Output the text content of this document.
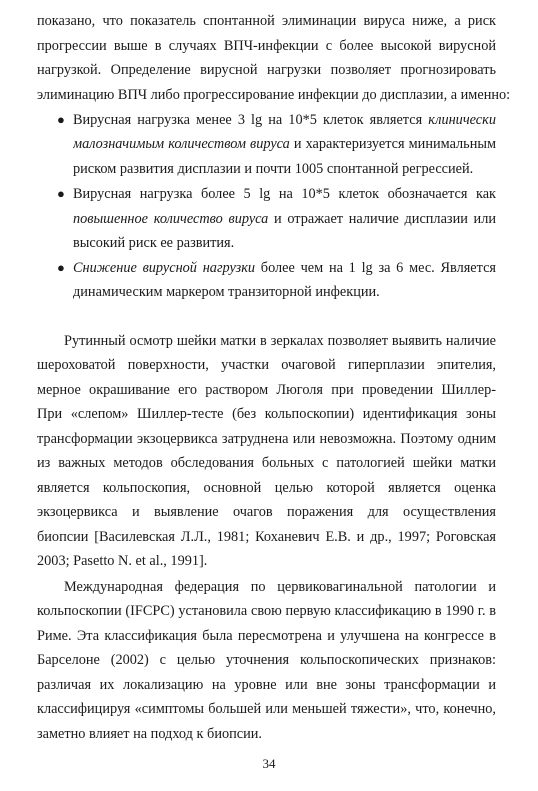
показано, что показатель спонтанной элиминации вируса ниже, а риск
прогрессии выше в случаях ВПЧ-инфекции с более высокой вирусной
нагрузкой. Определение вирусной нагрузки позволяет прогнозировать
элиминацию ВПЧ либо прогрессирование инфекции до дисплазии, а именно:
● Вирусная нагрузка менее 3 lg на 10*5 клеток является клинически
малозначимым количеством вируса и характеризуется минимальным
риском развития дисплазии и почти 1005 спонтанной регрессией.
● Вирусная нагрузка более 5 lg на 10*5 клеток обозначается как
повышенное количество вируса и отражает наличие дисплазии или
высокий риск ее развития.
● Снижение вирусной нагрузки более чем на 1 lg за 6 мес. Является
динамическим маркером транзиторной инфекции.
Рутинный осмотр шейки матки в зеркалах позволяет выявить наличие
шероховатой поверхности, участки очаговой гиперплазии эпителия,
мерное окрашивание его раствором Люголя при проведении Шиллер-
При «слепом» Шиллер-тесте (без кольпоскопии) идентификация зоны
трансформации экзоцервикса затруднена или невозможна. Поэтому одним
из важных методов обследования больных с патологией шейки матки
является кольпоскопия, основной целью которой является оценка
экзоцервикса и выявление очагов поражения для осуществления
биопсии [Василевская Л.Л., 1981; Коханевич Е.В. и др., 1997; Роговская
2003; Pasetto N. et al., 1991].
Международная федерация по цервиковагинальной патологии и
кольпоскопии (IFCPC) установила свою первую классификацию в 1990 г. в
Риме. Эта классификация была пересмотрена и улучшена на конгрессе в
Барселоне (2002) с целью уточнения кольпоскопических признаков:
различая их локализацию на уровне или вне зоны трансформации и
классифицируя «симптомы большей или меньшей тяжести», что, конечно,
заметно влияет на подход к биопсии.
34
